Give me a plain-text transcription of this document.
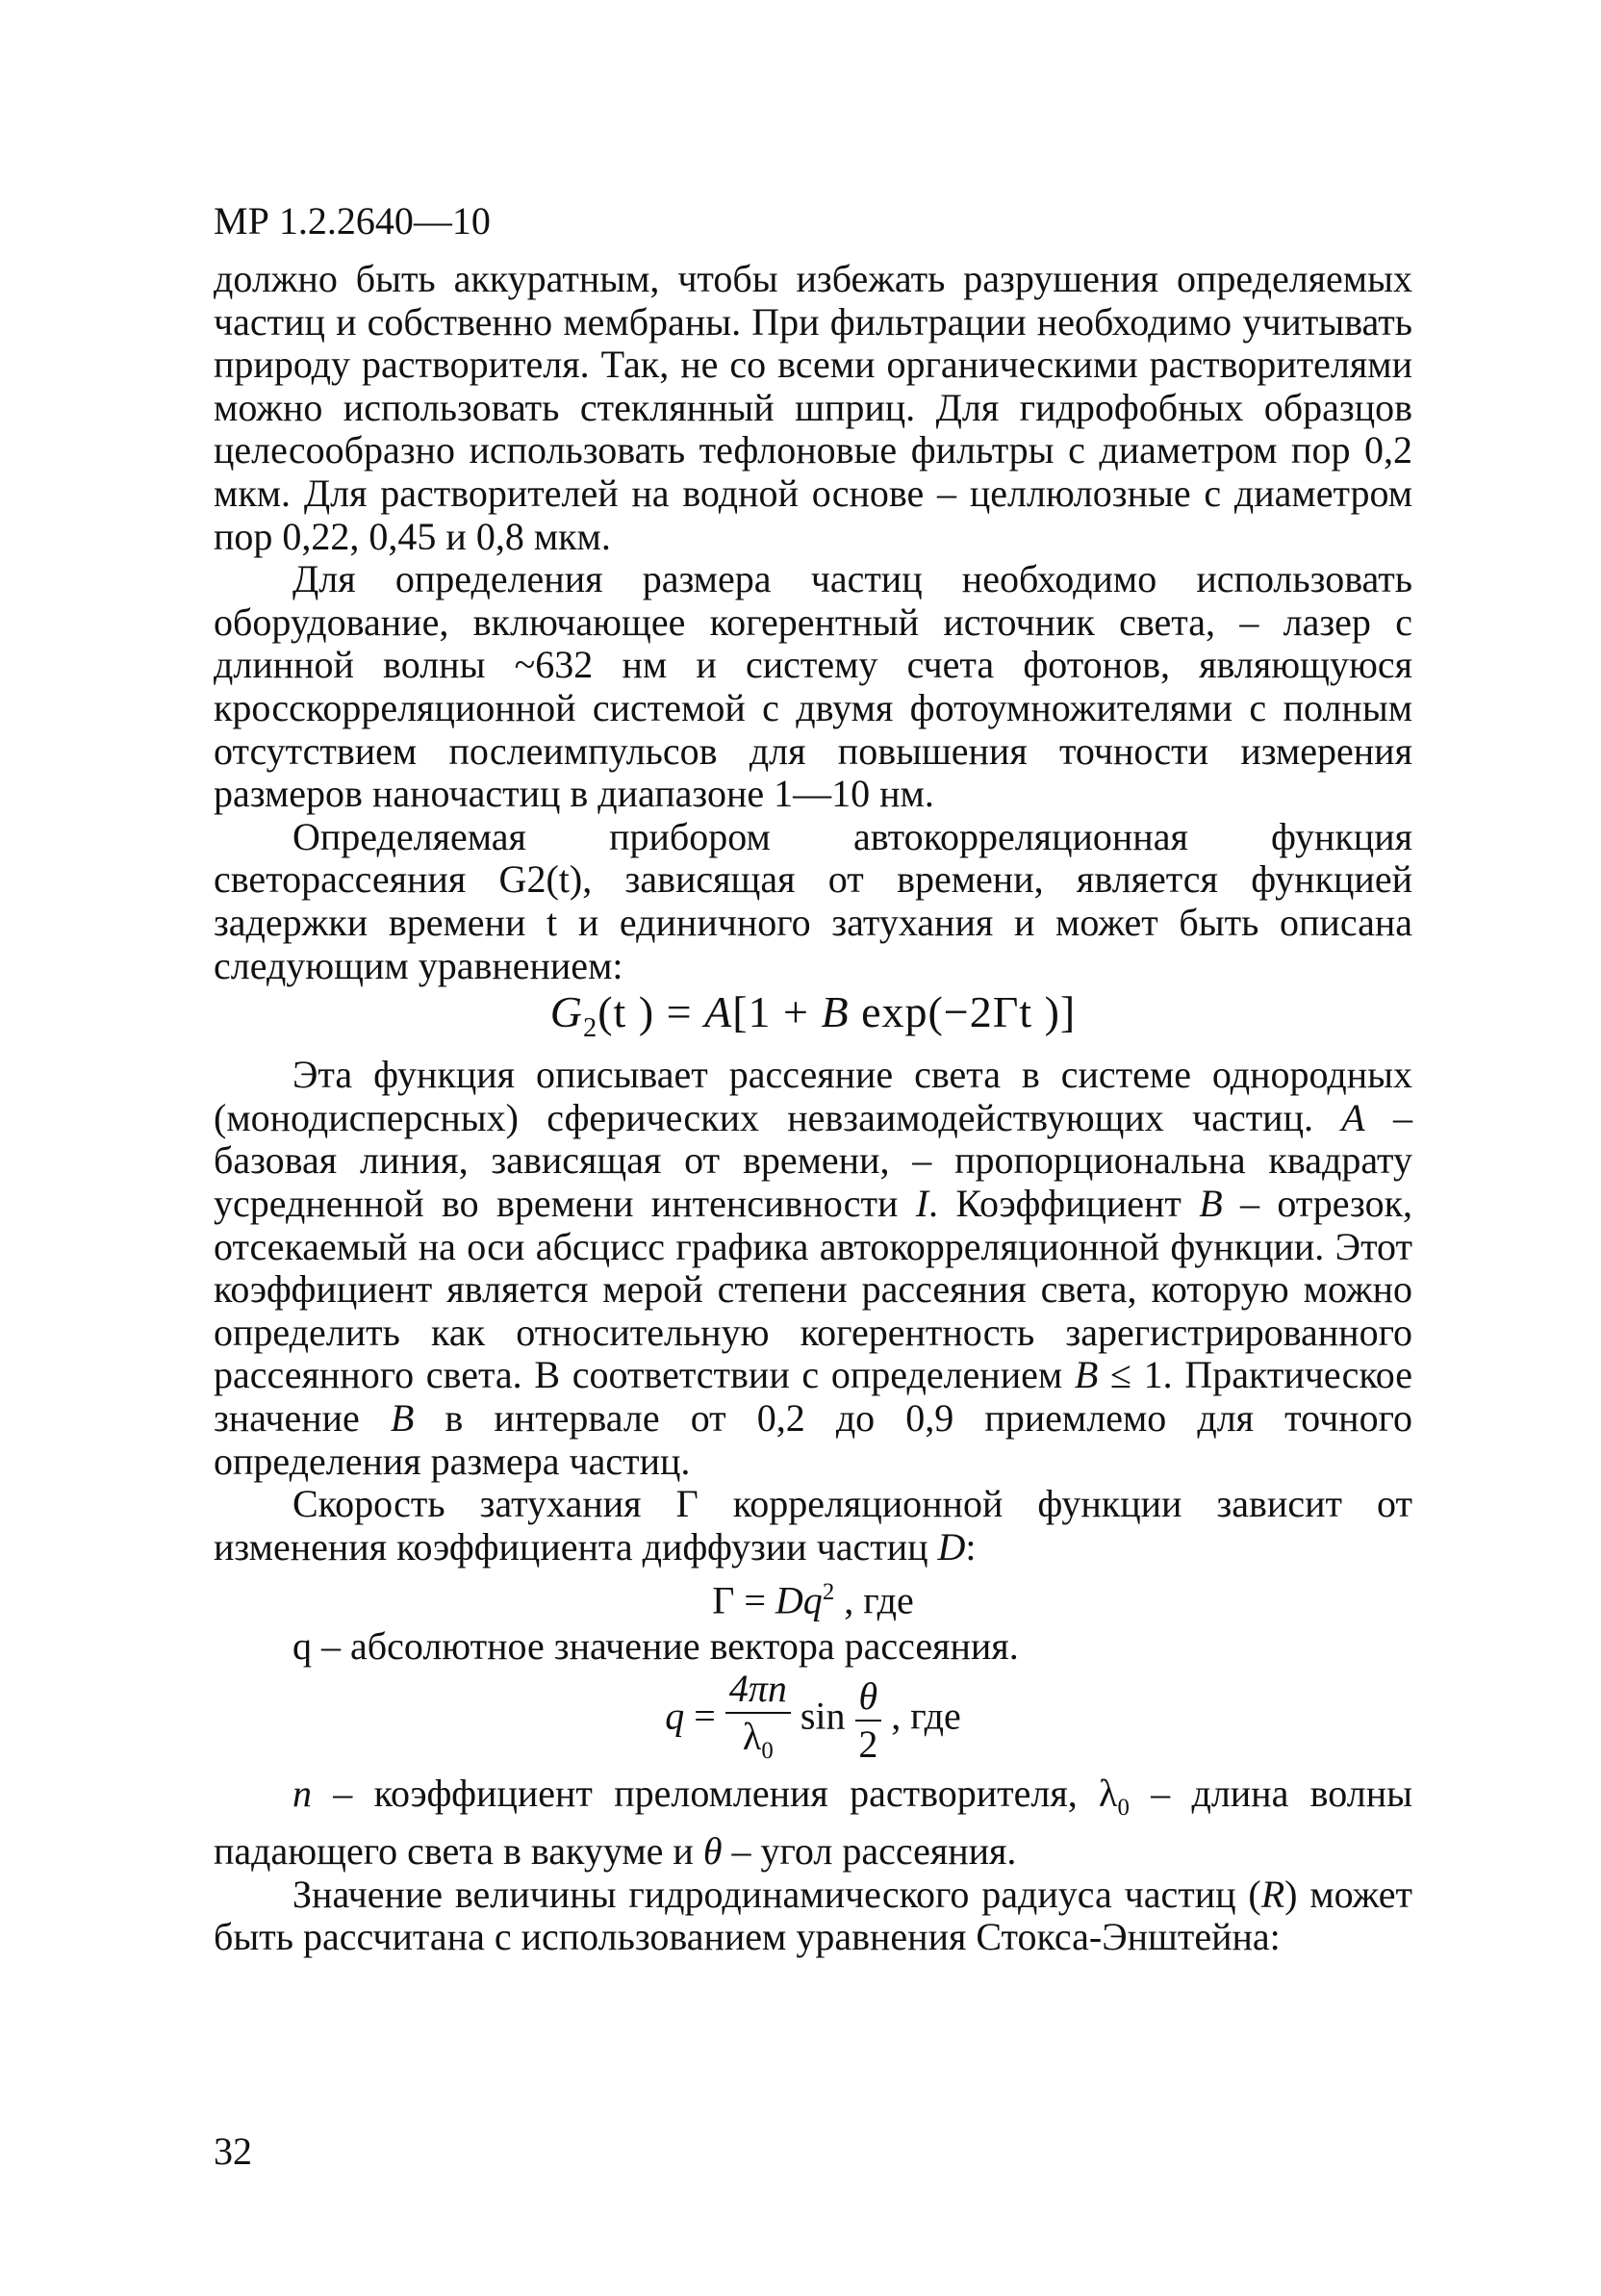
МР 1.2.2640—10

должно быть аккуратным, чтобы избежать разрушения определяемых частиц и собственно мембраны. При фильтрации необходимо учитывать природу растворителя. Так, не со всеми органическими растворителями можно использовать стеклянный шприц. Для гидрофобных образцов целесообразно использовать тефлоновые фильтры с диаметром пор 0,2 мкм. Для растворителей на водной основе – целлюлозные с диаметром пор 0,22, 0,45 и 0,8 мкм.

Для определения размера частиц необходимо использовать оборудование, включающее когерентный источник света, – лазер с длинной волны ~632 нм и систему счета фотонов, являющуюся кросскорреляционной системой с двумя фотоумножителями с полным отсутствием послеимпульсов для повышения точности измерения размеров наночастиц в диапазоне 1—10 нм.

Определяемая прибором автокорреляционная функция светорассеяния G2(t), зависящая от времени, является функцией задержки времени t и единичного затухания и может быть описана следующим уравнением:

$G_2(t$ ) = A[1 + B exp(−2Γt )]

Эта функция описывает рассеяние света в системе однородных (монодисперсных) сферических невзаимодействующих частиц. A – базовая линия, зависящая от времени, – пропорциональна квадрату усредненной во времени интенсивности I. Коэффициент B – отрезок, отсекаемый на оси абсцисс графика автокорреляционной функции. Этот коэффициент является мерой степени рассеяния света, которую можно определить как относительную когерентность зарегистрированного рассеянного света. В соответствии с определением B ≤ 1. Практическое значение B в интервале от 0,2 до 0,9 приемлемо для точного определения размера частиц.

Скорость затухания Г корреляционной функции зависит от изменения коэффициента диффузии частиц D:

$\Gamma = Dq^2$ , где

q – абсолютное значение вектора рассеяния.

$q = \frac{4\pi n}{\lambda_0}$ $\sin \frac{\theta}{2}$ , где

n – коэффициент преломления растворителя, $\lambda_0$ – длина волны падающего света в вакууме и θ – угол рассеяния.

Значение величины гидродинамического радиуса частиц (R) может быть рассчитана с использованием уравнения Стокса-Энштейна:

32
